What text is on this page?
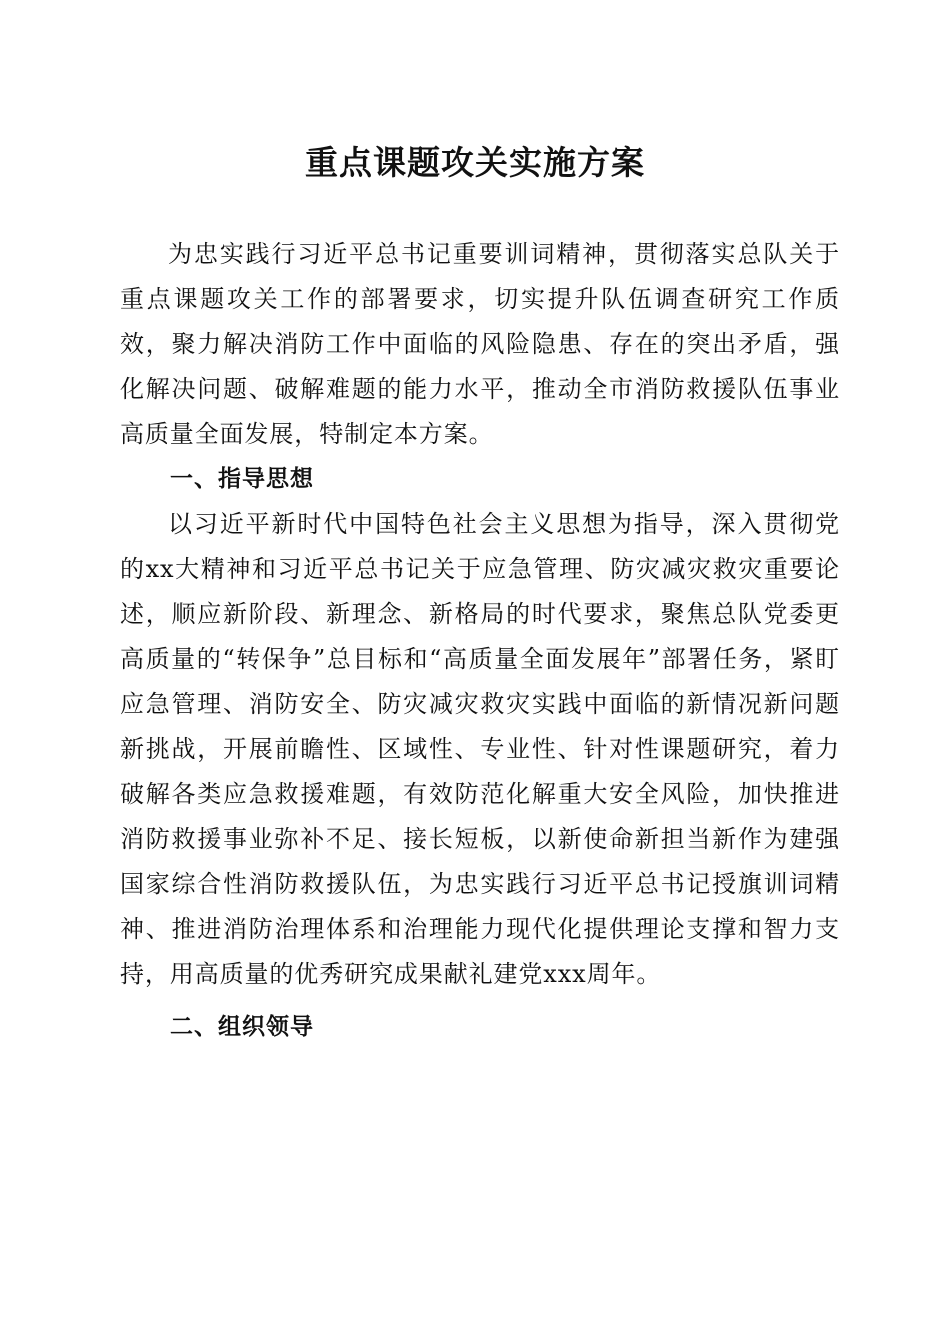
重点课题攻关实施方案

为忠实践行习近平总书记重要训词精神，贯彻落实总队关于重点课题攻关工作的部署要求，切实提升队伍调查研究工作质效，聚力解决消防工作中面临的风险隐患、存在的突出矛盾，强化解决问题、破解难题的能力水平，推动全市消防救援队伍事业高质量全面发展，特制定本方案。

一、指导思想

以习近平新时代中国特色社会主义思想为指导，深入贯彻党的xx大精神和习近平总书记关于应急管理、防灾减灾救灾重要论述，顺应新阶段、新理念、新格局的时代要求，聚焦总队党委更高质量的“转保争”总目标和“高质量全面发展年”部署任务，紧盯应急管理、消防安全、防灾减灾救灾实践中面临的新情况新问题新挑战，开展前瞻性、区域性、专业性、针对性课题研究，着力破解各类应急救援难题，有效防范化解重大安全风险，加快推进消防救援事业弥补不足、接长短板，以新使命新担当新作为建强国家综合性消防救援队伍，为忠实践行习近平总书记授旗训词精神、推进消防治理体系和治理能力现代化提供理论支撑和智力支持，用高质量的优秀研究成果献礼建党xxx周年。

二、组织领导
